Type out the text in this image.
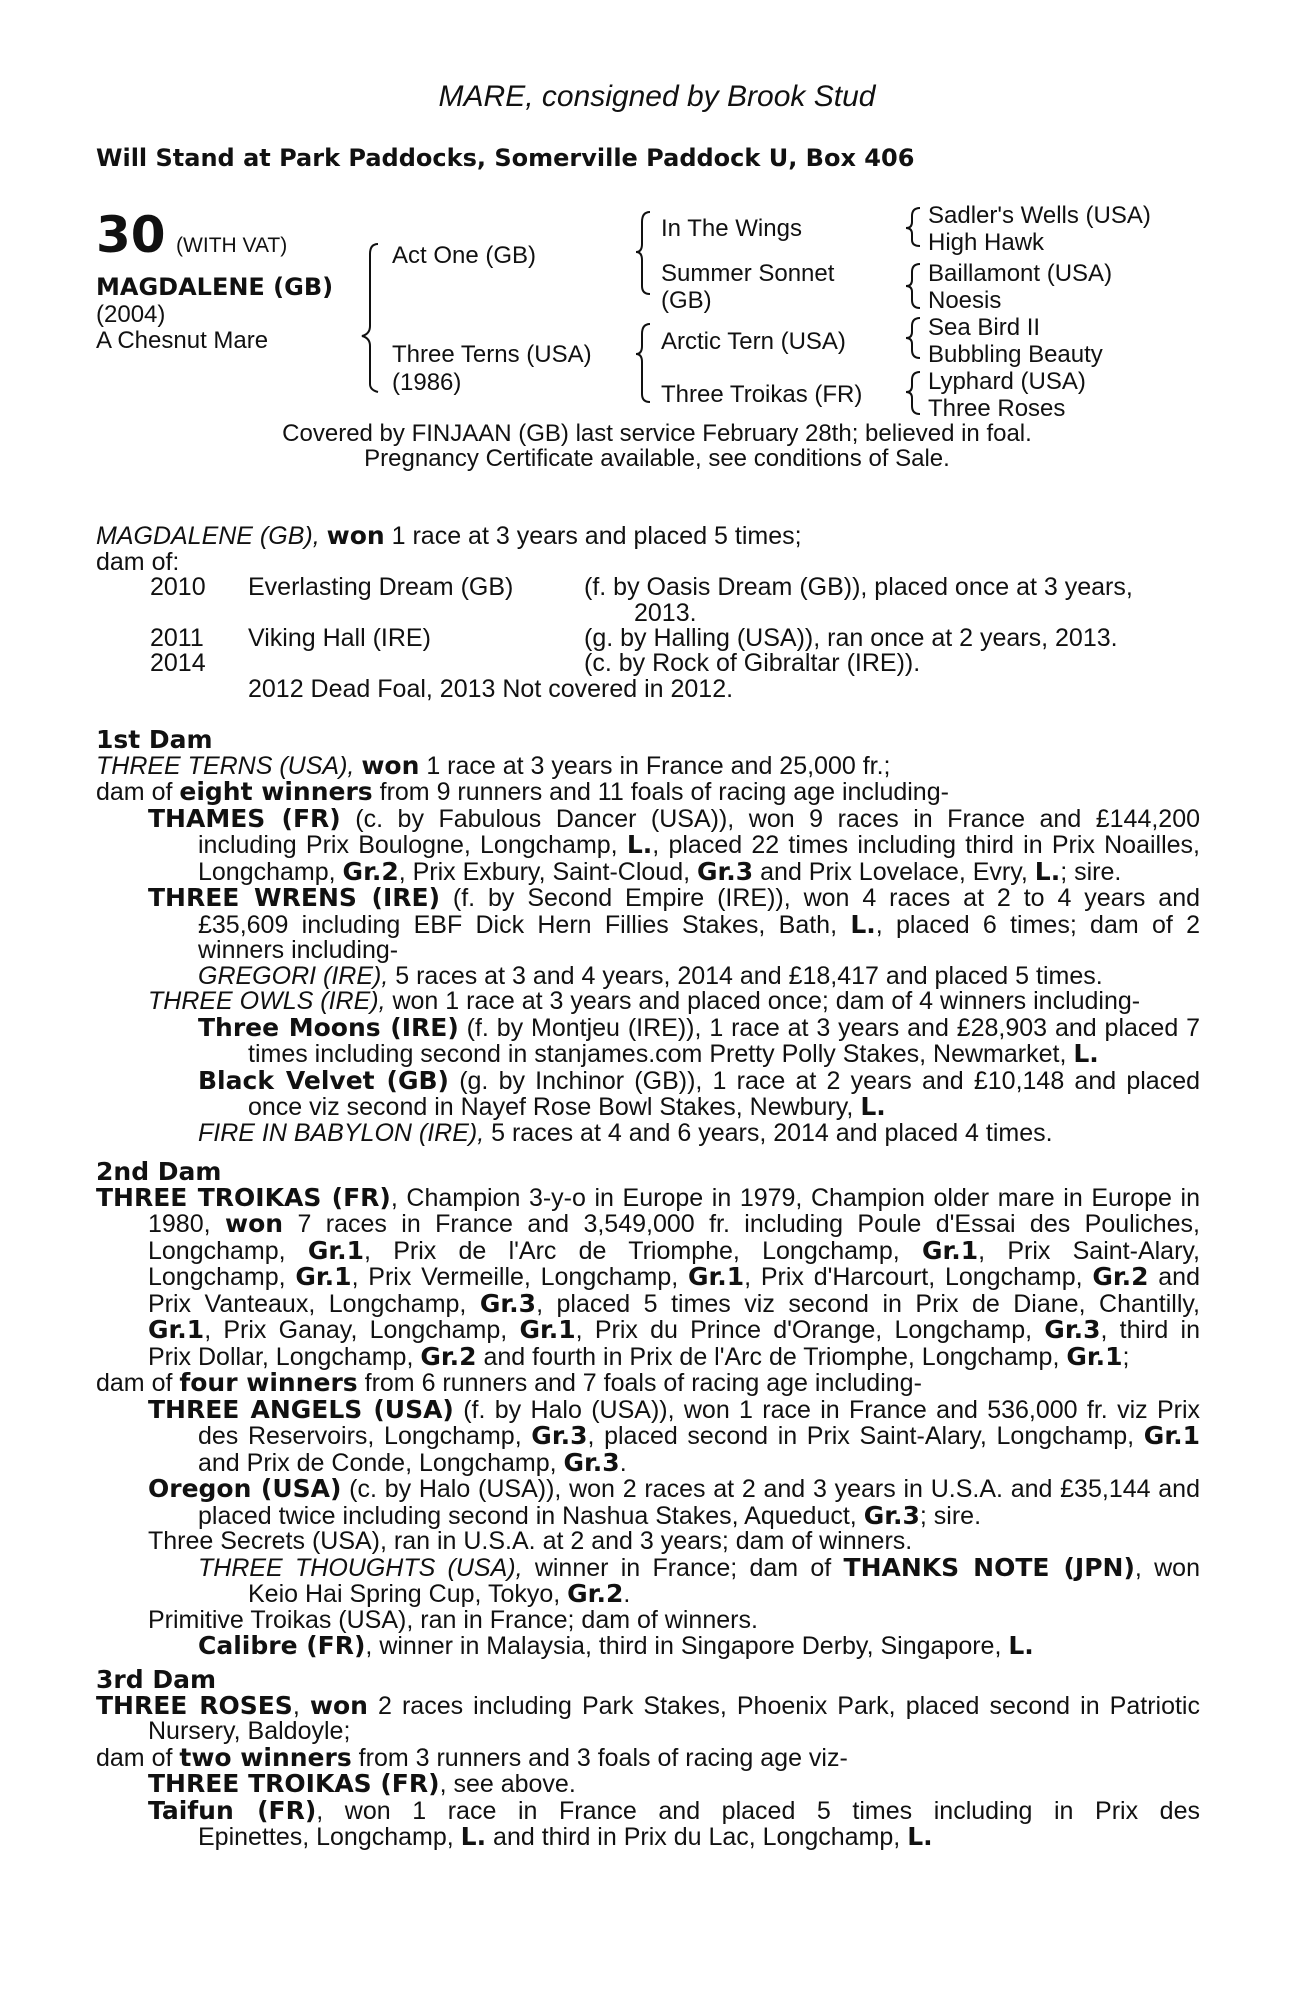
MARE, consigned by Brook Stud
Will Stand at Park Paddocks, Somerville Paddock U, Box 406
30 (WITH VAT)
MAGDALENE (GB)
(2004)
A Chesnut Mare
Act One (GB)
Three Terns (USA)
(1986)
In The Wings
Summer Sonnet
(GB)
Arctic Tern (USA)
Three Troikas (FR)
Sadler's Wells (USA)
High Hawk
Baillamont (USA)
Noesis
Sea Bird II
Bubbling Beauty
Lyphard (USA)
Three Roses
Covered by FINJAAN (GB) last service February 28th; believed in foal.
Pregnancy Certificate available, see conditions of Sale.
MAGDALENE (GB), won 1 race at 3 years and placed 5 times;
dam of:
2010 Everlasting Dream (GB)	(f. by Oasis Dream (GB)), placed once at 3 years,
2013.
2011 Viking Hall (IRE)	(g. by Halling (USA)), ran once at 2 years, 2013.
2014	(c. by Rock of Gibraltar (IRE)).
2012 Dead Foal, 2013 Not covered in 2012.
1st Dam
THREE TERNS (USA), won 1 race at 3 years in France and 25,000 fr.;
dam of eight winners from 9 runners and 11 foals of racing age including-
THAMES (FR) (c. by Fabulous Dancer (USA)), won 9 races in France and £144,200
including Prix Boulogne, Longchamp, L., placed 22 times including third in Prix Noailles,
Longchamp, Gr.2, Prix Exbury, Saint-Cloud, Gr.3 and Prix Lovelace, Evry, L.; sire.
THREE WRENS (IRE) (f. by Second Empire (IRE)), won 4 races at 2 to 4 years and
£35,609 including EBF Dick Hern Fillies Stakes, Bath, L., placed 6 times; dam of 2
winners including-
GREGORI (IRE), 5 races at 3 and 4 years, 2014 and £18,417 and placed 5 times.
THREE OWLS (IRE), won 1 race at 3 years and placed once; dam of 4 winners including-
Three Moons (IRE) (f. by Montjeu (IRE)), 1 race at 3 years and £28,903 and placed 7
times including second in stanjames.com Pretty Polly Stakes, Newmarket, L.
Black Velvet (GB) (g. by Inchinor (GB)), 1 race at 2 years and £10,148 and placed
once viz second in Nayef Rose Bowl Stakes, Newbury, L.
FIRE IN BABYLON (IRE), 5 races at 4 and 6 years, 2014 and placed 4 times.
2nd Dam
THREE TROIKAS (FR), Champion 3-y-o in Europe in 1979, Champion older mare in Europe in
1980, won 7 races in France and 3,549,000 fr. including Poule d'Essai des Pouliches,
Longchamp, Gr.1, Prix de l'Arc de Triomphe, Longchamp, Gr.1, Prix Saint-Alary,
Longchamp, Gr.1, Prix Vermeille, Longchamp, Gr.1, Prix d'Harcourt, Longchamp, Gr.2 and
Prix Vanteaux, Longchamp, Gr.3, placed 5 times viz second in Prix de Diane, Chantilly,
Gr.1, Prix Ganay, Longchamp, Gr.1, Prix du Prince d'Orange, Longchamp, Gr.3, third in
Prix Dollar, Longchamp, Gr.2 and fourth in Prix de l'Arc de Triomphe, Longchamp, Gr.1;
dam of four winners from 6 runners and 7 foals of racing age including-
THREE ANGELS (USA) (f. by Halo (USA)), won 1 race in France and 536,000 fr. viz Prix
des Reservoirs, Longchamp, Gr.3, placed second in Prix Saint-Alary, Longchamp, Gr.1
and Prix de Conde, Longchamp, Gr.3.
Oregon (USA) (c. by Halo (USA)), won 2 races at 2 and 3 years in U.S.A. and £35,144 and
placed twice including second in Nashua Stakes, Aqueduct, Gr.3; sire.
Three Secrets (USA), ran in U.S.A. at 2 and 3 years; dam of winners.
THREE THOUGHTS (USA), winner in France; dam of THANKS NOTE (JPN), won
Keio Hai Spring Cup, Tokyo, Gr.2.
Primitive Troikas (USA), ran in France; dam of winners.
Calibre (FR), winner in Malaysia, third in Singapore Derby, Singapore, L.
3rd Dam
THREE ROSES, won 2 races including Park Stakes, Phoenix Park, placed second in Patriotic
Nursery, Baldoyle;
dam of two winners from 3 runners and 3 foals of racing age viz-
THREE TROIKAS (FR), see above.
Taifun (FR), won 1 race in France and placed 5 times including in Prix des
Epinettes, Longchamp, L. and third in Prix du Lac, Longchamp, L.
